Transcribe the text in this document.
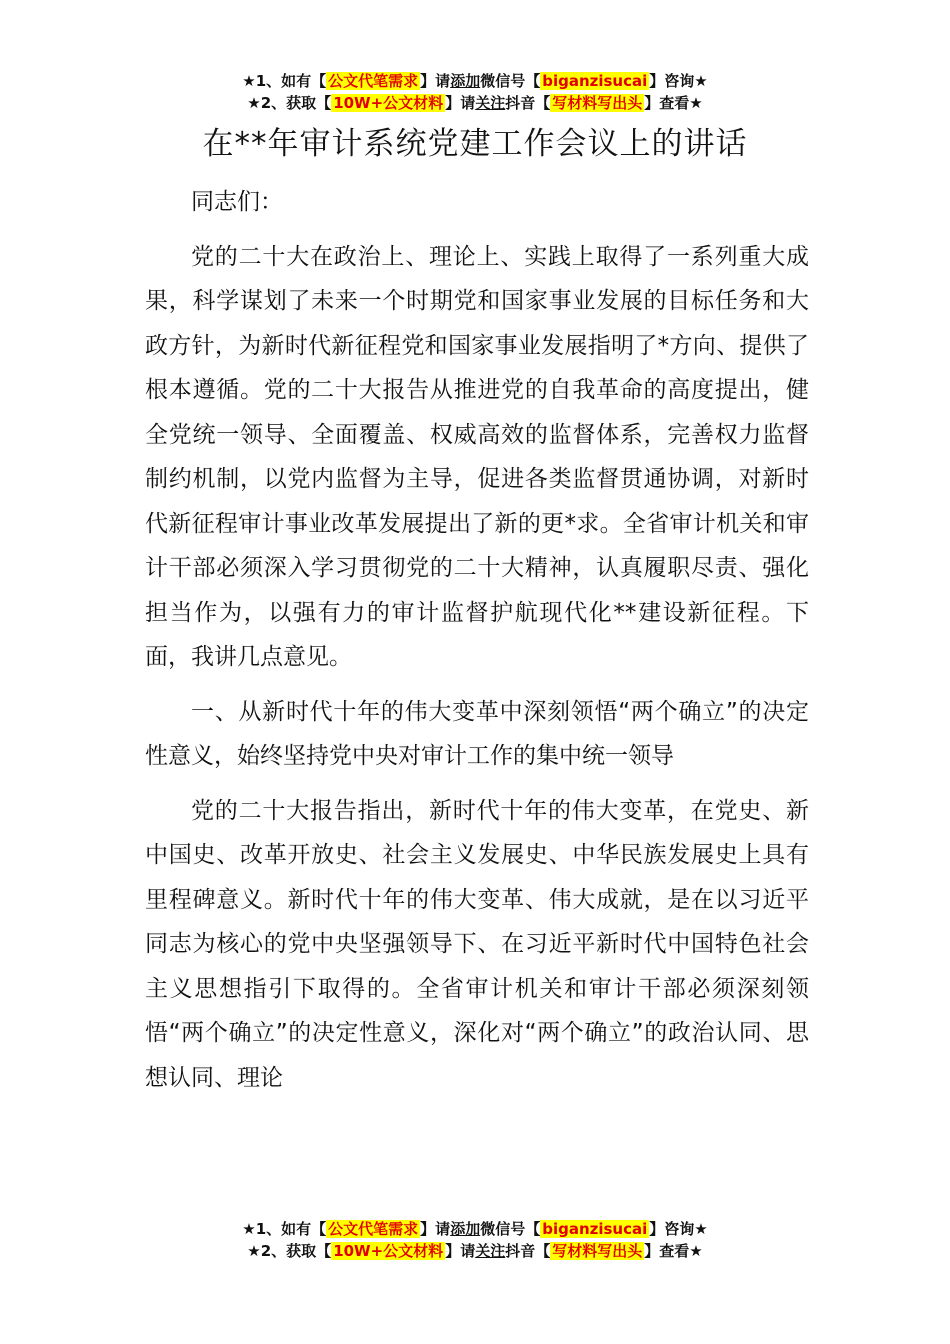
★1、如有【 公文代笔需求 】请添加微信号【 biganzisucai 】咨询★
★2、获取【 10W+公文材料 】请关注抖音【 写材料写出头 】查看★
在**年审计系统党建工作会议上的讲话

同志们：

党的二十大在政治上、理论上、实践上取得了一系列重大成果，科学谋划了未来一个时期党和国家事业发展的目标任务和大政方针，为新时代新征程党和国家事业发展指明了*方向、提供了根本遵循。党的二十大报告从推进党的自我革命的高度提出，健全党统一领导、全面覆盖、权威高效的监督体系，完善权力监督制约机制，以党内监督为主导，促进各类监督贯通协调，对新时代新征程审计事业改革发展提出了新的更*求。全省审计机关和审计干部必须深入学习贯彻党的二十大精神，认真履职尽责、强化担当作为，以强有力的审计监督护航现代化**建设新征程。下面，我讲几点意见。

一、从新时代十年的伟大变革中深刻领悟“两个确立”的决定性意义，始终坚持党中央对审计工作的集中统一领导

党的二十大报告指出，新时代十年的伟大变革，在党史、新中国史、改革开放史、社会主义发展史、中华民族发展史上具有里程碑意义。新时代十年的伟大变革、伟大成就，是在以习近平同志为核心的党中央坚强领导下、在习近平新时代中国特色社会主义思想指引下取得的。全省审计机关和审计干部必须深刻领悟“两个确立”的决定性意义，深化对“两个确立”的政治认同、思想认同、理论

★1、如有【 公文代笔需求 】请添加微信号【 biganzisucai 】咨询★
★2、获取【 10W+公文材料 】请关注抖音【 写材料写出头 】查看★
